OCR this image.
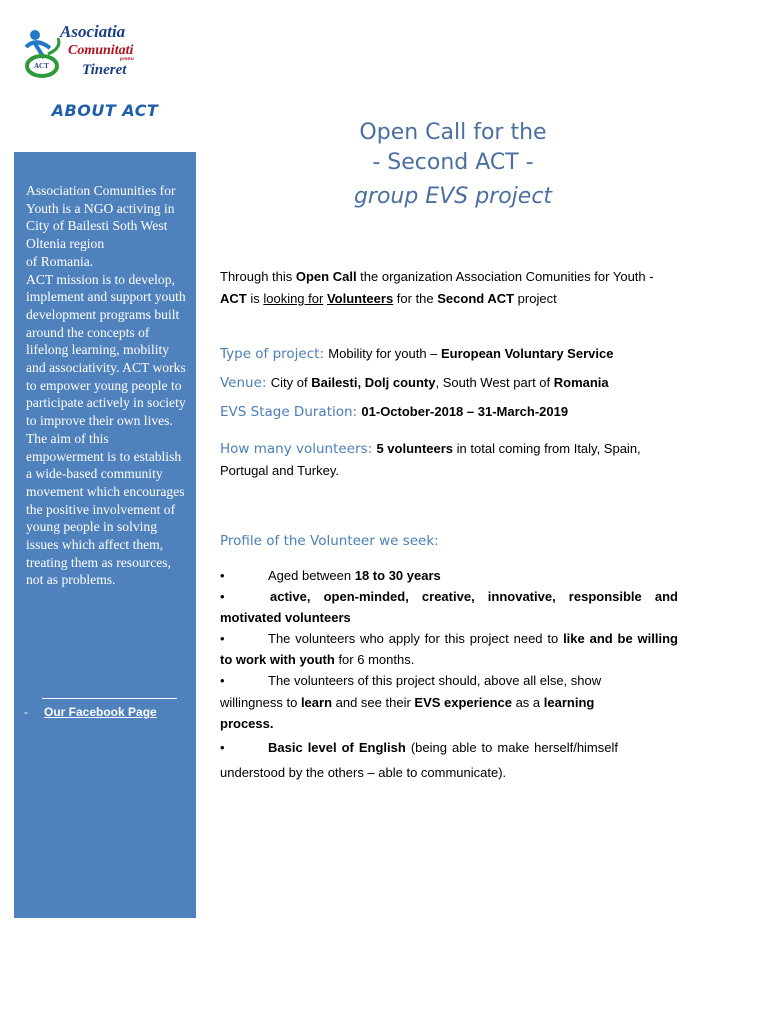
ACT
Asociatia
Comunitati
pentru
Tineret
ABOUT ACT

Association Comunities for Youth is a NGO activing in City of Bailesti Soth West Oltenia region

of Romania.

ACT mission is to develop, implement and support youth development programs built around the concepts of lifelong learning, mobility and associativity. ACT works to empower young people to participate actively in society to improve their own lives. The aim of this empowerment is to establish a wide-based community movement which encourages the positive involvement of young people in solving issues which affect them, treating them as resources, not as problems.

- Our Facebook Page
Open Call for the
- Second ACT -
group EVS project
Through this Open Call the organization Association Comunities for Youth - ACT is looking for Volunteers for the Second ACT project
Type of project: Mobility for youth – European Voluntary Service
Venue: City of Bailesti, Dolj county, South West part of Romania
EVS Stage Duration: 01-October-2018 – 31-March-2019
How many volunteers: 5 volunteers in total coming from Italy, Spain, Portugal and Turkey.
Profile of the Volunteer we seek:
•	Aged between 18 to 30 years
•	active, open-minded, creative, innovative, responsible and motivated volunteers
•	The volunteers who apply for this project need to like and be willing to work with youth for 6 months.
•	The volunteers of this project should, above all else, show willingness to learn and see their EVS experience as a learning process.
•	Basic level of English (being able to make herself/himself understood by the others – able to communicate).
